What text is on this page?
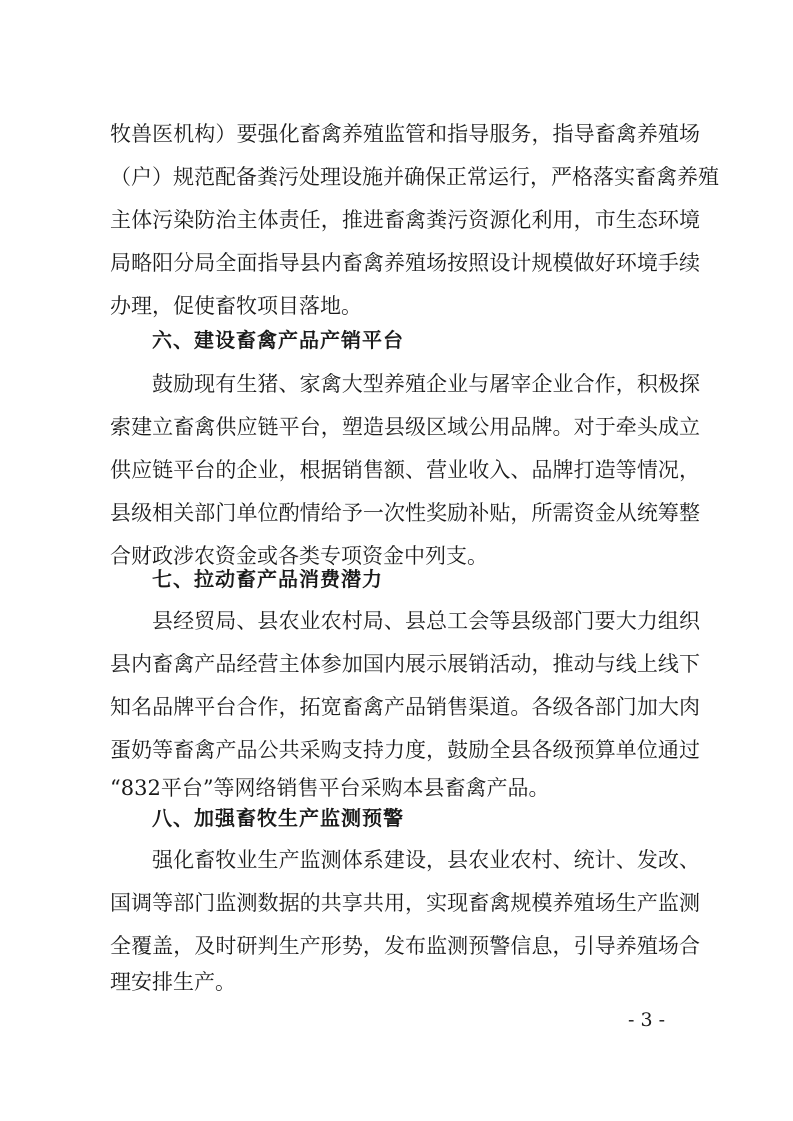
牧兽医机构）要强化畜禽养殖监管和指导服务，指导畜禽养殖场
（户）规范配备粪污处理设施并确保正常运行，严格落实畜禽养殖
主体污染防治主体责任，推进畜禽粪污资源化利用，市生态环境
局略阳分局全面指导县内畜禽养殖场按照设计规模做好环境手续
办理，促使畜牧项目落地。
六、建设畜禽产品产销平台
鼓励现有生猪、家禽大型养殖企业与屠宰企业合作，积极探
索建立畜禽供应链平台，塑造县级区域公用品牌。对于牵头成立
供应链平台的企业，根据销售额、营业收入、品牌打造等情况，
县级相关部门单位酌情给予一次性奖励补贴，所需资金从统筹整
合财政涉农资金或各类专项资金中列支。
七、拉动畜产品消费潜力
县经贸局、县农业农村局、县总工会等县级部门要大力组织
县内畜禽产品经营主体参加国内展示展销活动，推动与线上线下
知名品牌平台合作，拓宽畜禽产品销售渠道。各级各部门加大肉
蛋奶等畜禽产品公共采购支持力度，鼓励全县各级预算单位通过
“832平台”等网络销售平台采购本县畜禽产品。
八、加强畜牧生产监测预警
强化畜牧业生产监测体系建设，县农业农村、统计、发改、
国调等部门监测数据的共享共用，实现畜禽规模养殖场生产监测
全覆盖，及时研判生产形势，发布监测预警信息，引导养殖场合
理安排生产。
- 3 -
